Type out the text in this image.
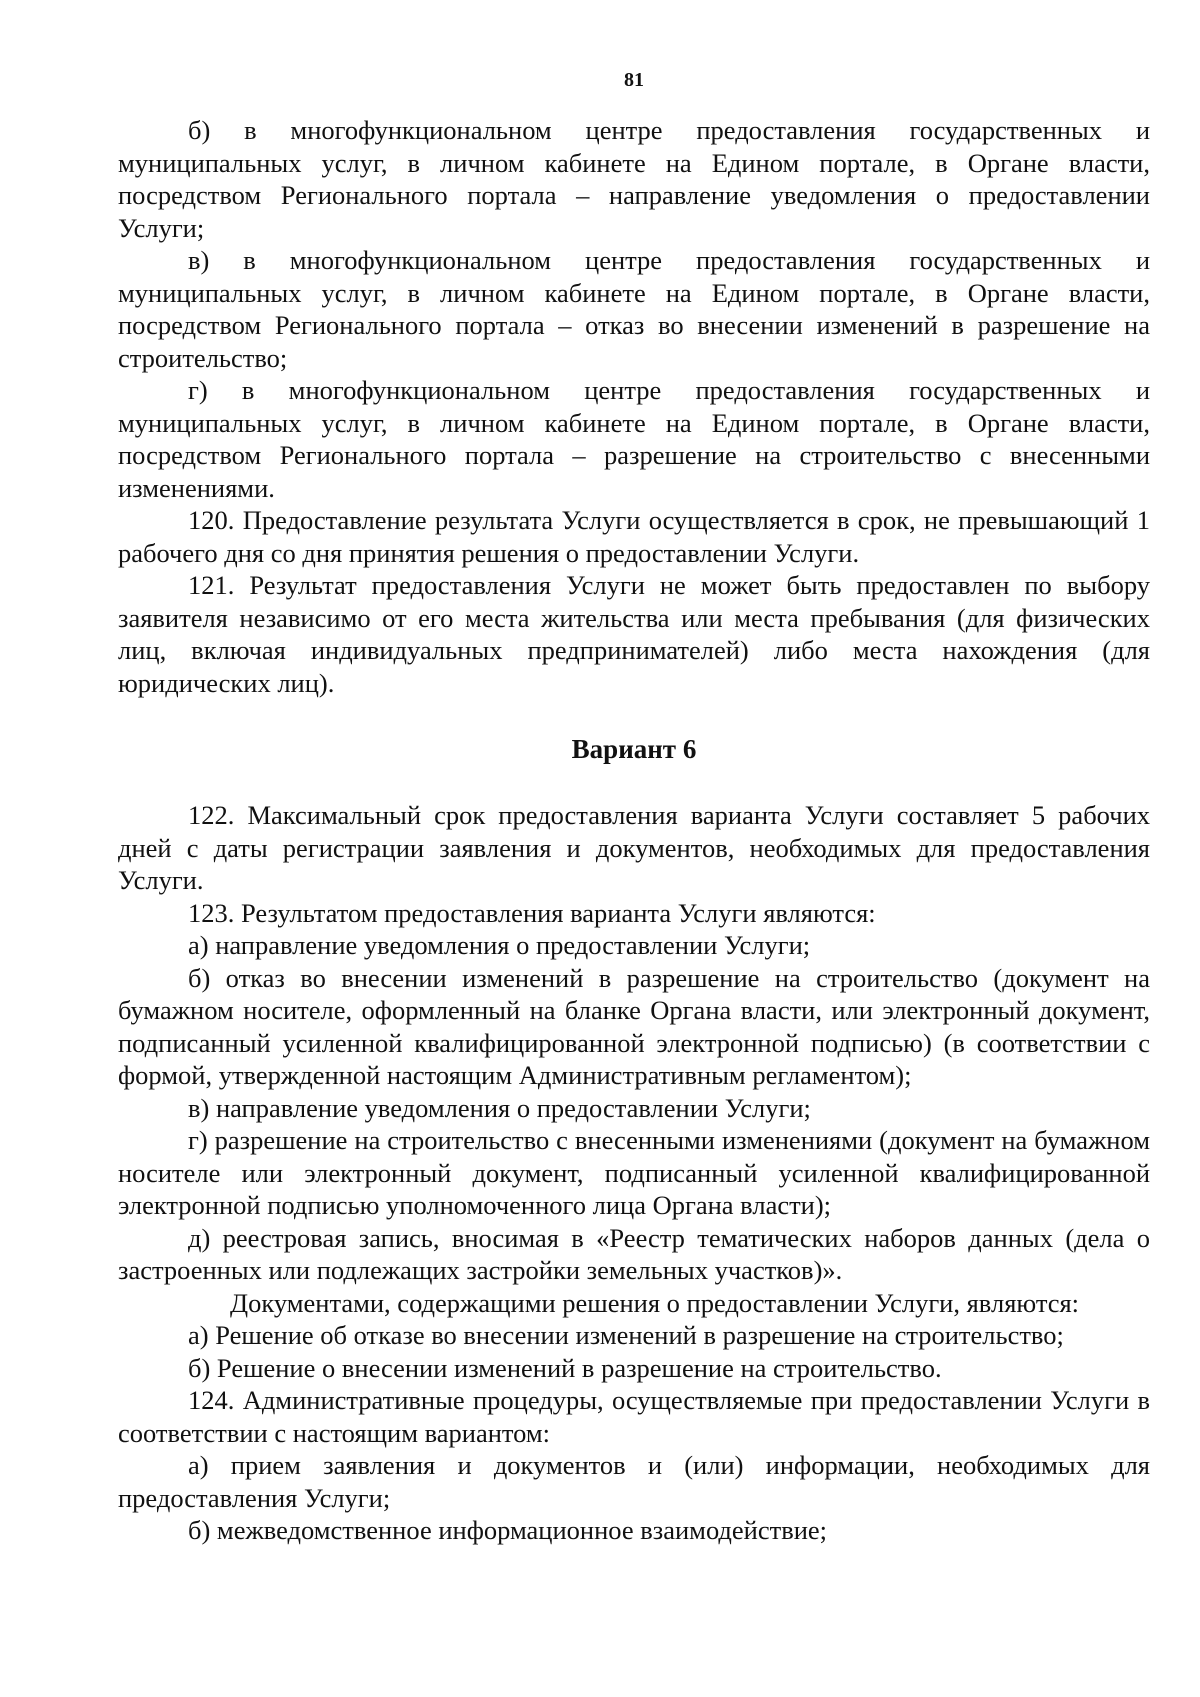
81

б) в многофункциональном центре предоставления государственных и муниципальных услуг, в личном кабинете на Едином портале, в Органе власти, посредством Регионального портала – направление уведомления о предоставлении Услуги;

в) в многофункциональном центре предоставления государственных и муниципальных услуг, в личном кабинете на Едином портале, в Органе власти, посредством Регионального портала – отказ во внесении изменений в разрешение на строительство;

г) в многофункциональном центре предоставления государственных и муниципальных услуг, в личном кабинете на Едином портале, в Органе власти, посредством Регионального портала – разрешение на строительство с внесенными изменениями.

120. Предоставление результата Услуги осуществляется в срок, не превышающий 1 рабочего дня со дня принятия решения о предоставлении Услуги.

121. Результат предоставления Услуги не может быть предоставлен по выбору заявителя независимо от его места жительства или места пребывания (для физических лиц, включая индивидуальных предпринимателей) либо места нахождения (для юридических лиц).

Вариант 6

122. Максимальный срок предоставления варианта Услуги составляет 5 рабочих дней с даты регистрации заявления и документов, необходимых для предоставления Услуги.

123. Результатом предоставления варианта Услуги являются:

а) направление уведомления о предоставлении Услуги;

б) отказ во внесении изменений в разрешение на строительство (документ на бумажном носителе, оформленный на бланке Органа власти, или электронный документ, подписанный усиленной квалифицированной электронной подписью) (в соответствии с формой, утвержденной настоящим Административным регламентом);

в) направление уведомления о предоставлении Услуги;

г) разрешение на строительство с внесенными изменениями (документ на бумажном носителе или электронный документ, подписанный усиленной квалифицированной электронной подписью уполномоченного лица Органа власти);

д) реестровая запись, вносимая в «Реестр тематических наборов данных (дела о застроенных или подлежащих застройки земельных участков)».

Документами, содержащими решения о предоставлении Услуги, являются:

а) Решение об отказе во внесении изменений в разрешение на строительство;

б) Решение о внесении изменений в разрешение на строительство.

124. Административные процедуры, осуществляемые при предоставлении Услуги в соответствии с настоящим вариантом:

а) прием заявления и документов и (или) информации, необходимых для предоставления Услуги;

б) межведомственное информационное взаимодействие;
